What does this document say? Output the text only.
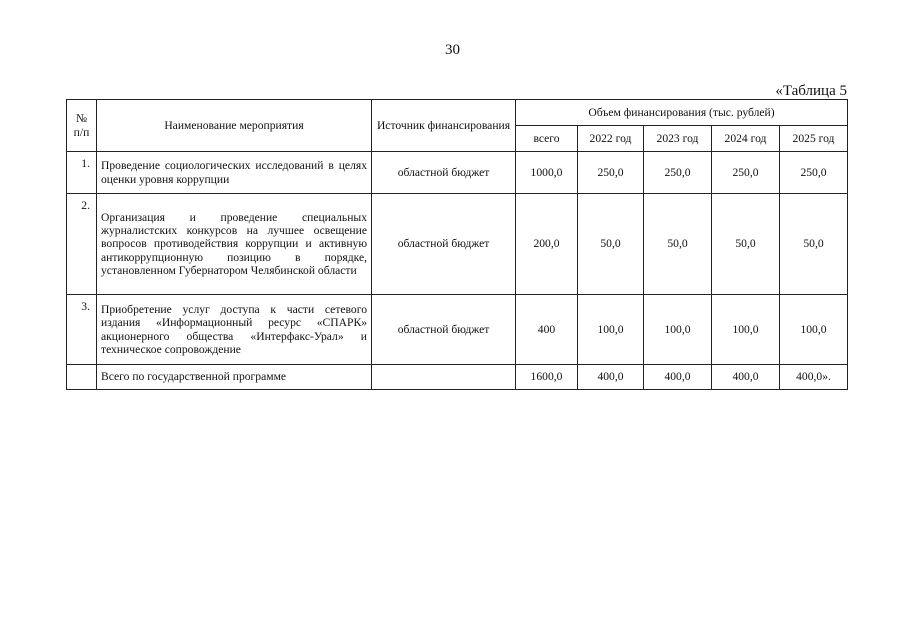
30
«Таблица 5
№ п/п	Наименование мероприятия	Источник финансирования	Объем финансирования (тыс. рублей)				
			всего	2022 год	2023 год	2024 год	2025 год
1.	Проведение социологических исследований в целях оценки уровня коррупции	областной бюджет	1000,0	250,0	250,0	250,0	250,0
2.	Организация и проведение специальных журналистских конкурсов на лучшее освещение вопросов противодействия коррупции и активную антикоррупционную позицию в порядке, установленном Губернатором Челябинской области	областной бюджет	200,0	50,0	50,0	50,0	50,0
3.	Приобретение услуг доступа к части сетевого издания «Информационный ресурс «СПАРК» акционерного общества «Интерфакс-Урал» и техническое сопровождение	областной бюджет	400	100,0	100,0	100,0	100,0
	Всего по государственной программе		1600,0	400,0	400,0	400,0	400,0».
